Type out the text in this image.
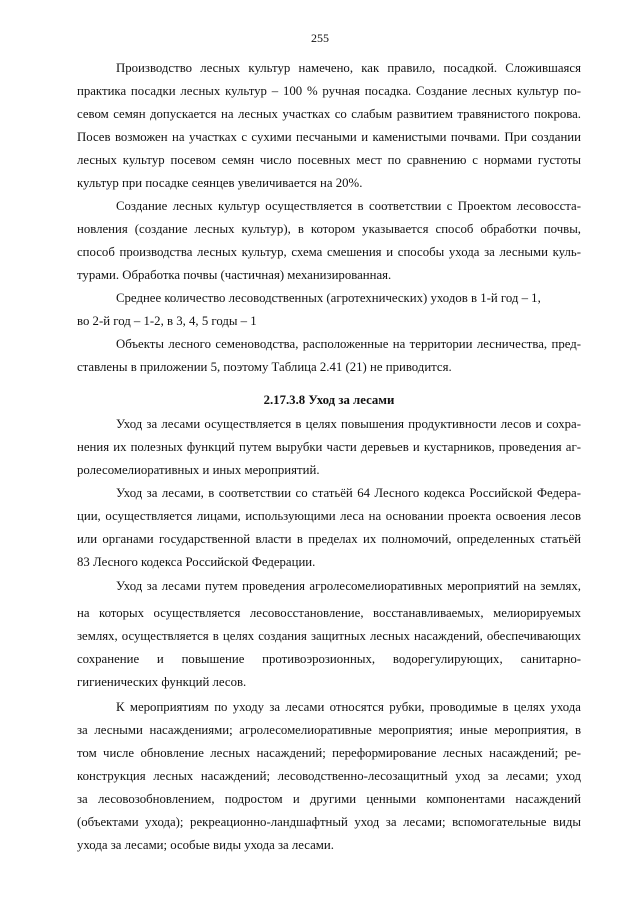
255
Производство лесных культур намечено, как правило, посадкой. Сложившаяся
практика посадки лесных культур – 100 % ручная посадка. Создание лесных культур по-
севом семян допускается на лесных участках со слабым развитием травянистого покрова.
Посев возможен на участках с сухими песчаными и каменистыми почвами. При создании
лесных культур посевом семян число посевных мест по сравнению с нормами густоты
культур при посадке сеянцев увеличивается на 20%.
Создание лесных культур осуществляется в соответствии с Проектом лесовосста-
новления (создание лесных культур), в котором указывается способ обработки почвы,
способ производства лесных культур, схема смешения и способы ухода за лесными куль-
турами. Обработка почвы (частичная) механизированная.
Среднее количество лесоводственных (агротехнических) уходов в 1-й год – 1,
во 2-й год – 1-2, в 3, 4, 5 годы – 1
Объекты лесного семеноводства, расположенные на территории лесничества, пред-
ставлены в приложении 5, поэтому Таблица 2.41 (21) не приводится.
2.17.3.8 Уход за лесами
Уход за лесами осуществляется в целях повышения продуктивности лесов и сохра-
нения их полезных функций путем вырубки части деревьев и кустарников, проведения аг-
ролесомелиоративных и иных мероприятий.
Уход за лесами, в соответствии со статьёй 64 Лесного кодекса Российской Федера-
ции, осуществляется лицами, использующими леса на основании проекта освоения лесов
или органами государственной власти в пределах их полномочий, определенных статьёй
83 Лесного кодекса Российской Федерации.
Уход за лесами путем проведения агролесомелиоративных мероприятий на землях,
на которых осуществляется лесовосстановление, восстанавливаемых, мелиорируемых
землях, осуществляется в целях создания защитных лесных насаждений, обеспечивающих
сохранение и повышение противоэрозионных, водорегулирующих, санитарно-
гигиенических функций лесов.
К мероприятиям по уходу за лесами относятся рубки, проводимые в целях ухода
за лесными насаждениями; агролесомелиоративные мероприятия; иные мероприятия, в
том числе обновление лесных насаждений; переформирование лесных насаждений; ре-
конструкция лесных насаждений; лесоводственно-лесозащитный уход за лесами; уход
за лесовозобновлением, подростом и другими ценными компонентами насаждений
(объектами ухода); рекреационно-ландшафтный уход за лесами; вспомогательные виды
ухода за лесами; особые виды ухода за лесами.
